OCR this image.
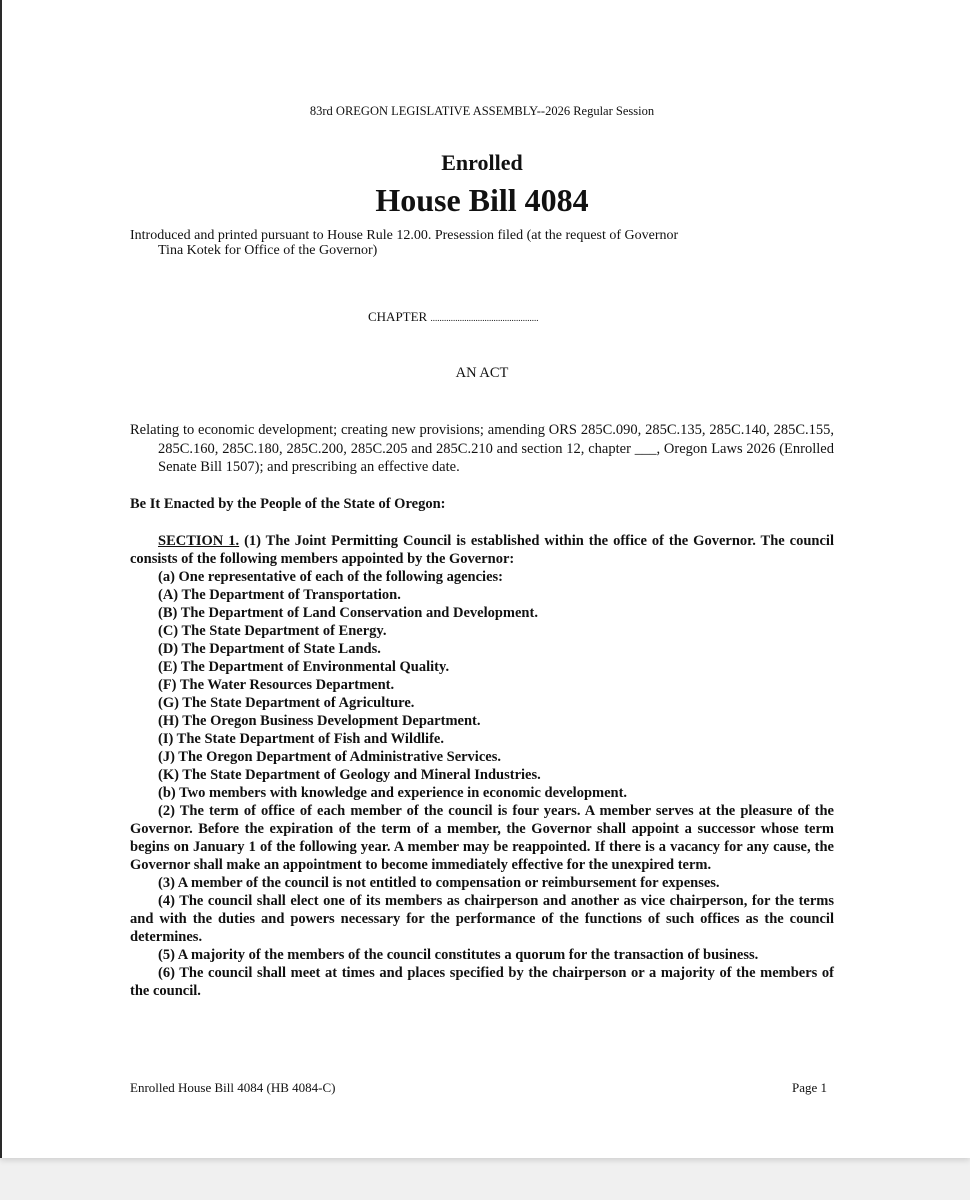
83rd OREGON LEGISLATIVE ASSEMBLY--2026 Regular Session
Enrolled
House Bill 4084
Introduced and printed pursuant to House Rule 12.00. Presession filed (at the request of Governor
Tina Kotek for Office of the Governor)
CHAPTER ................................................
AN ACT
Relating to economic development; creating new provisions; amending ORS 285C.090, 285C.135, 285C.140, 285C.155, 285C.160, 285C.180, 285C.200, 285C.205 and 285C.210 and section 12, chapter ___, Oregon Laws 2026 (Enrolled Senate Bill 1507); and prescribing an effective date.
Be It Enacted by the People of the State of Oregon:

SECTION 1. (1) The Joint Permitting Council is established within the office of the Governor. The council consists of the following members appointed by the Governor:

(a) One representative of each of the following agencies:

(A) The Department of Transportation.

(B) The Department of Land Conservation and Development.

(C) The State Department of Energy.

(D) The Department of State Lands.

(E) The Department of Environmental Quality.

(F) The Water Resources Department.

(G) The State Department of Agriculture.

(H) The Oregon Business Development Department.

(I) The State Department of Fish and Wildlife.

(J) The Oregon Department of Administrative Services.

(K) The State Department of Geology and Mineral Industries.

(b) Two members with knowledge and experience in economic development.

(2) The term of office of each member of the council is four years. A member serves at the pleasure of the Governor. Before the expiration of the term of a member, the Governor shall appoint a successor whose term begins on January 1 of the following year. A member may be reappointed. If there is a vacancy for any cause, the Governor shall make an appointment to become immediately effective for the unexpired term.

(3) A member of the council is not entitled to compensation or reimbursement for expenses.

(4) The council shall elect one of its members as chairperson and another as vice chairperson, for the terms and with the duties and powers necessary for the performance of the functions of such offices as the council determines.

(5) A majority of the members of the council constitutes a quorum for the transaction of business.

(6) The council shall meet at times and places specified by the chairperson or a majority of the members of the council.

Enrolled House Bill 4084 (HB 4084-C)	Page 1
